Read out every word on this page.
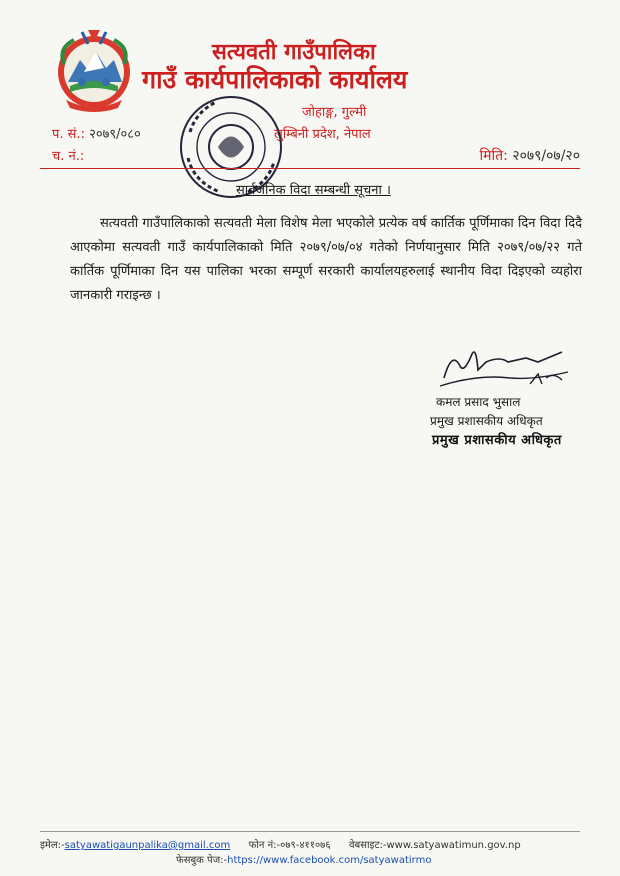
सत्यवती गाउँपालिका
गाउँ कार्यपालिकाको कार्यालय
जोहाङ्ग, गुल्मी
लुम्बिनी प्रदेश, नेपाल
प. सं.: २०७९/०८०
च. नं.:	मिति: २०७९/०७/२०
सार्वजनिक विदा सम्बन्धी सूचना ।

सत्यवती गाउँपालिकाको सत्यवती मेला विशेष मेला भएकोले प्रत्येक वर्ष कार्तिक पूर्णिमाका दिन विदा दिदै आएकोमा सत्यवती गाउँ कार्यपालिकाको मिति २०७९/०७/०४ गतेको निर्णयानुसार मिति २०७९/०७/२२ गते कार्तिक पूर्णिमाका दिन यस पालिका भरका सम्पूर्ण सरकारी कार्यालयहरुलाई स्थानीय विदा दिइएको व्यहोरा जानकारी गराइन्छ ।

कमल प्रसाद भुसाल
प्रमुख प्रशासकीय अधिकृत
प्रमुख प्रशासकीय अधिकृत
इमेल:-satyawatigaunpalika@gmail.com फोन नं:-०७९-४११०७६ वेबसाइट:-www.satyawatimun.gov.np
फेसबुक पेज:-https://www.facebook.com/satyawatirmo
